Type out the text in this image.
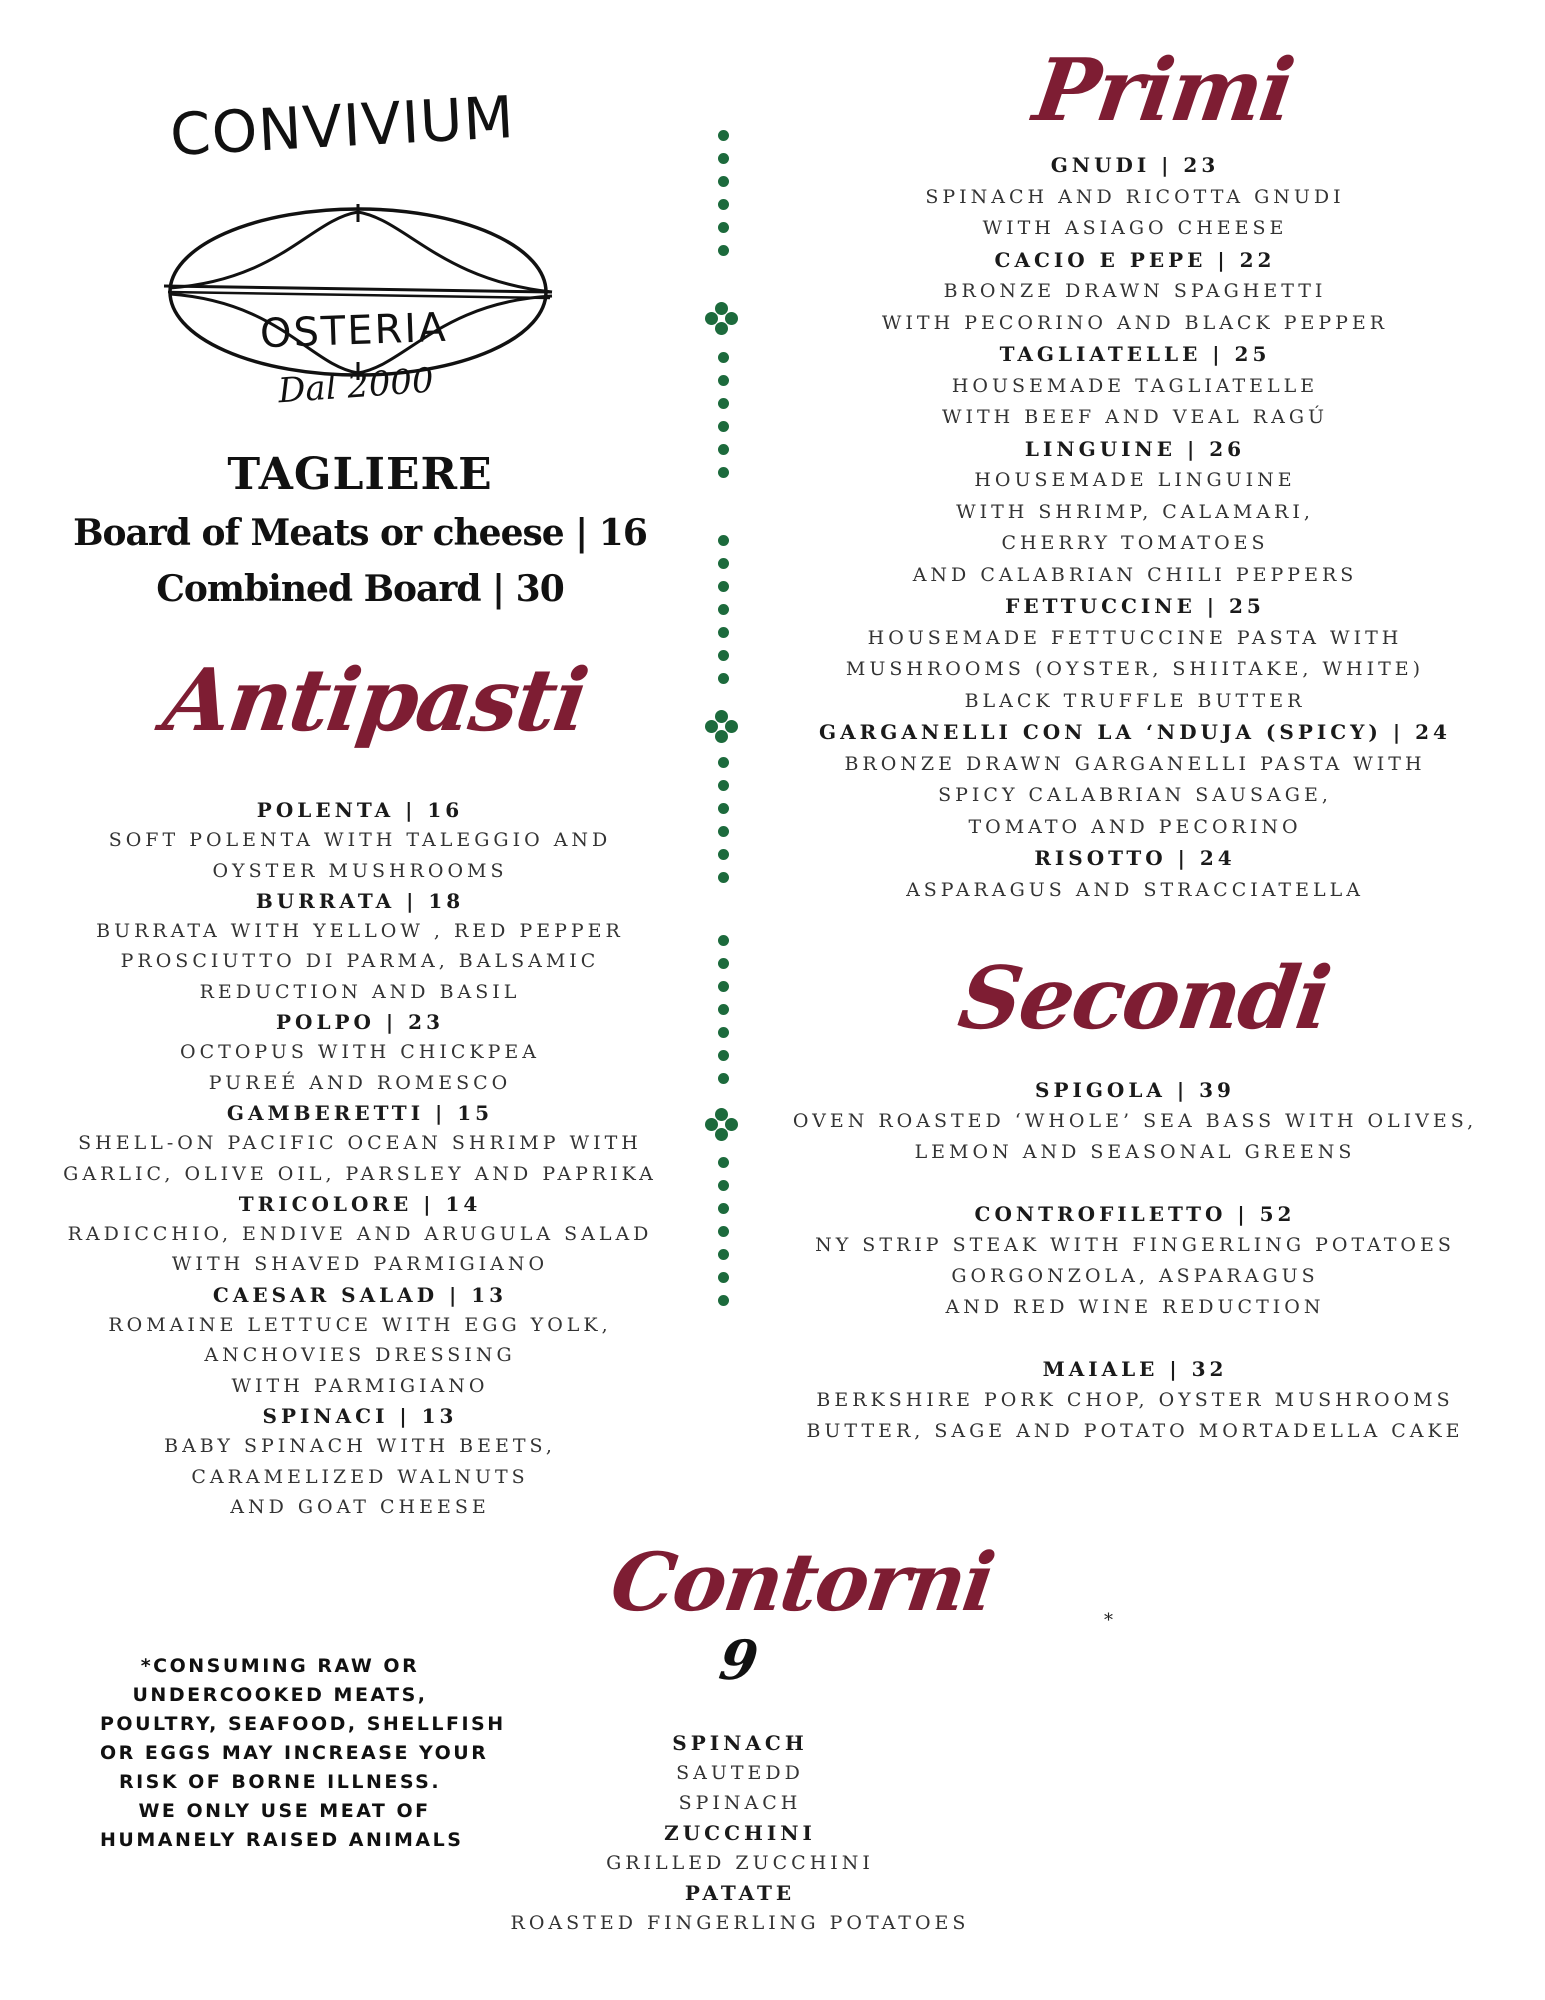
CONVIVIUM
OSTERIA
Dal 2000
TAGLIERE
Board of Meats or cheese | 16
Combined Board | 30
Antipasti
Primi
Secondi
Contorni
9
POLENTA | 16
SOFT POLENTA WITH TALEGGIO AND
OYSTER MUSHROOMS
BURRATA | 18
BURRATA WITH YELLOW , RED PEPPER
PROSCIUTTO DI PARMA, BALSAMIC
REDUCTION AND BASIL
POLPO | 23
OCTOPUS WITH CHICKPEA
PUREÉ AND ROMESCO
GAMBERETTI | 15
SHELL-ON PACIFIC OCEAN SHRIMP WITH
GARLIC, OLIVE OIL, PARSLEY AND PAPRIKA
TRICOLORE | 14
RADICCHIO, ENDIVE AND ARUGULA SALAD
WITH SHAVED PARMIGIANO
CAESAR SALAD | 13
ROMAINE LETTUCE WITH EGG YOLK,
ANCHOVIES DRESSING
WITH PARMIGIANO
SPINACI | 13
BABY SPINACH WITH BEETS,
CARAMELIZED WALNUTS
AND GOAT CHEESE
GNUDI | 23
SPINACH AND RICOTTA GNUDI
WITH ASIAGO CHEESE
CACIO E PEPE | 22
BRONZE DRAWN SPAGHETTI
WITH PECORINO AND BLACK PEPPER
TAGLIATELLE | 25
HOUSEMADE TAGLIATELLE
WITH BEEF AND VEAL RAGÚ
LINGUINE | 26
HOUSEMADE LINGUINE
WITH SHRIMP, CALAMARI,
CHERRY TOMATOES
AND CALABRIAN CHILI PEPPERS
FETTUCCINE | 25
HOUSEMADE FETTUCCINE PASTA WITH
MUSHROOMS (OYSTER, SHIITAKE, WHITE)
BLACK TRUFFLE BUTTER
GARGANELLI CON LA ‘NDUJA (SPICY) | 24
BRONZE DRAWN GARGANELLI PASTA WITH
SPICY CALABRIAN SAUSAGE,
TOMATO AND PECORINO
RISOTTO | 24
ASPARAGUS AND STRACCIATELLA
SPIGOLA | 39
OVEN ROASTED ‘WHOLE’ SEA BASS WITH OLIVES,
LEMON AND SEASONAL GREENS
CONTROFILETTO | 52
NY STRIP STEAK WITH FINGERLING POTATOES
GORGONZOLA, ASPARAGUS
AND RED WINE REDUCTION
MAIALE | 32
BERKSHIRE PORK CHOP, OYSTER MUSHROOMS
BUTTER, SAGE AND POTATO MORTADELLA CAKE
SPINACH
SAUTEDD
SPINACH
ZUCCHINI
GRILLED ZUCCHINI
PATATE
ROASTED FINGERLING POTATOES
*CONSUMING RAW OR
UNDERCOOKED MEATS,
POULTRY, SEAFOOD, SHELLFISH
OR EGGS MAY INCREASE YOUR
RISK OF BORNE ILLNESS.
WE ONLY USE MEAT OF
HUMANELY RAISED ANIMALS
*
